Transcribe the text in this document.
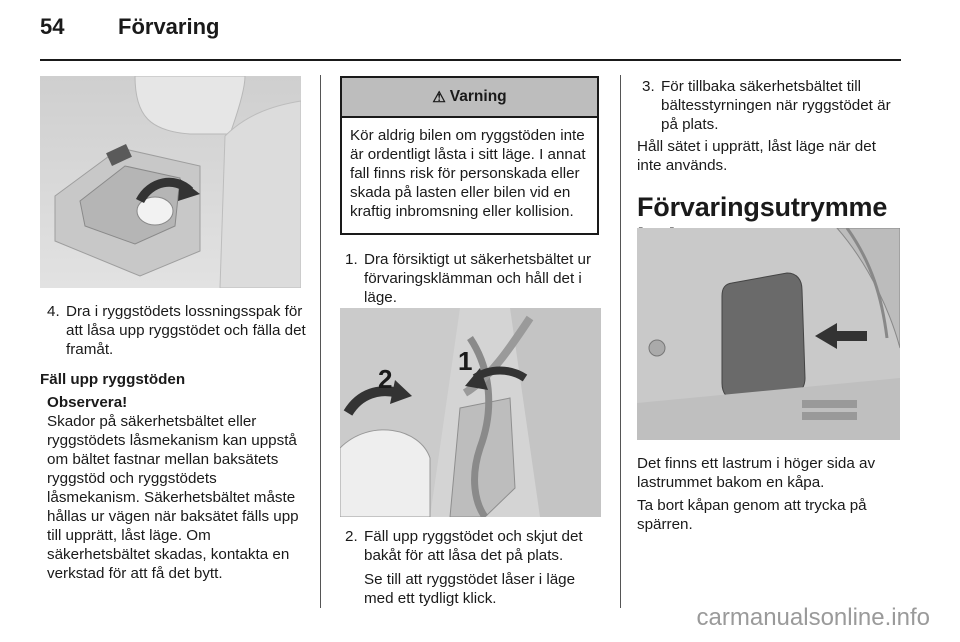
54 Förvaring
4. Dra i ryggstödets lossningsspak för att låsa upp ryggstödet och fälla det framåt.
Fäll upp ryggstöden
Observera!
Skador på säkerhetsbältet eller ryggstödets låsmekanism kan uppstå om bältet fastnar mellan baksätets ryggstöd och ryggstödets låsmekanism. Säkerhetsbältet måste hållas ur vägen när baksätet fälls upp till upprätt, låst läge. Om säkerhetsbältet skadas, kontakta en verkstad för att få det bytt.
⚠ Varning
Kör aldrig bilen om ryggstöden inte är ordentligt låsta i sitt läge. I annat fall finns risk för personskada eller skada på lasten eller bilen vid en kraftig inbromsning eller kollision.
1. Dra försiktigt ut säkerhetsbältet ur förvaringsklämman och håll det i läge.
1
2
2. Fäll upp ryggstödet och skjut det bakåt för att låsa det på plats.
Se till att ryggstödet låser i läge med ett tydligt klick.
3. För tillbaka säkerhetsbältet till bältesstyrningen när ryggstödet är på plats.
Håll sätet i upprätt, låst läge när det inte används.
Förvaringsutrymme
Det finns ett lastrum i höger sida av lastrummet bakom en kåpa.
Ta bort kåpan genom att trycka på spärren.
carmanualsonline.info
